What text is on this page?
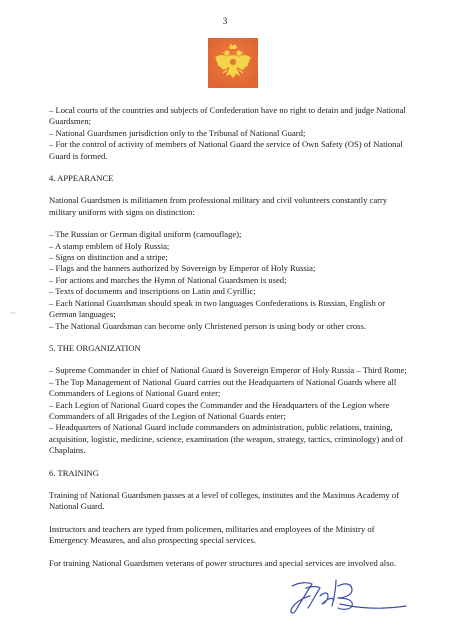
3

– Local courts of the countries and subjects of Confederation have no right to detain and judge National Guardsmen;

– National Guardsmen jurisdiction only to the Tribunal of National Guard;

– For the control of activity of members of National Guard the service of Own Safety (OS) of National Guard is formed.

4. APPEARANCE

National Guardsmen is militiamen from professional military and civil volunteers constantly carry military uniform with signs on distinction:

– The Russian or German digital uniform (camouflage);

– A stamp emblem of Holy Russia;

– Signs on distinction and a stripe;

– Flags and the banners authorized by Sovereign by Emperor of Holy Russia;

– For actions and marches the Hymn of National Guardsmen is used;

– Texts of documents and inscriptions on Latin and Cyrillic;

– Each National Guardsman should speak in two languages Confederations is Russian, English or German languages;

– The National Guardsman can become only Christened person is using body or other cross.

5. THE ORGANIZATION

– Supreme Commander in chief of National Guard is Sovereign Emperor of Holy Russia – Third Rome;

– The Top Management of National Guard carries out the Headquarters of National Guards where all Commanders of Legions of National Guard enter;

– Each Legion of National Guard copes the Commander and the Headquarters of the Legion where Commanders of all Brigades of the Legion of National Guards enter;

– Headquarters of National Guard include commanders on administration, public relations, training, acquisition, logistic, medicine, science, examination (the weapon, strategy, tactics, criminology) and of Chaplains.

6. TRAINING

Training of National Guardsmen passes at a level of colleges, institutes and the Maximus Academy of National Guard.

Instructors and teachers are typed from policemen, militaries and employees of the Ministry of Emergency Measures, and also prospecting special services.

For training National Guardsmen veterans of power structures and special services are involved also.
